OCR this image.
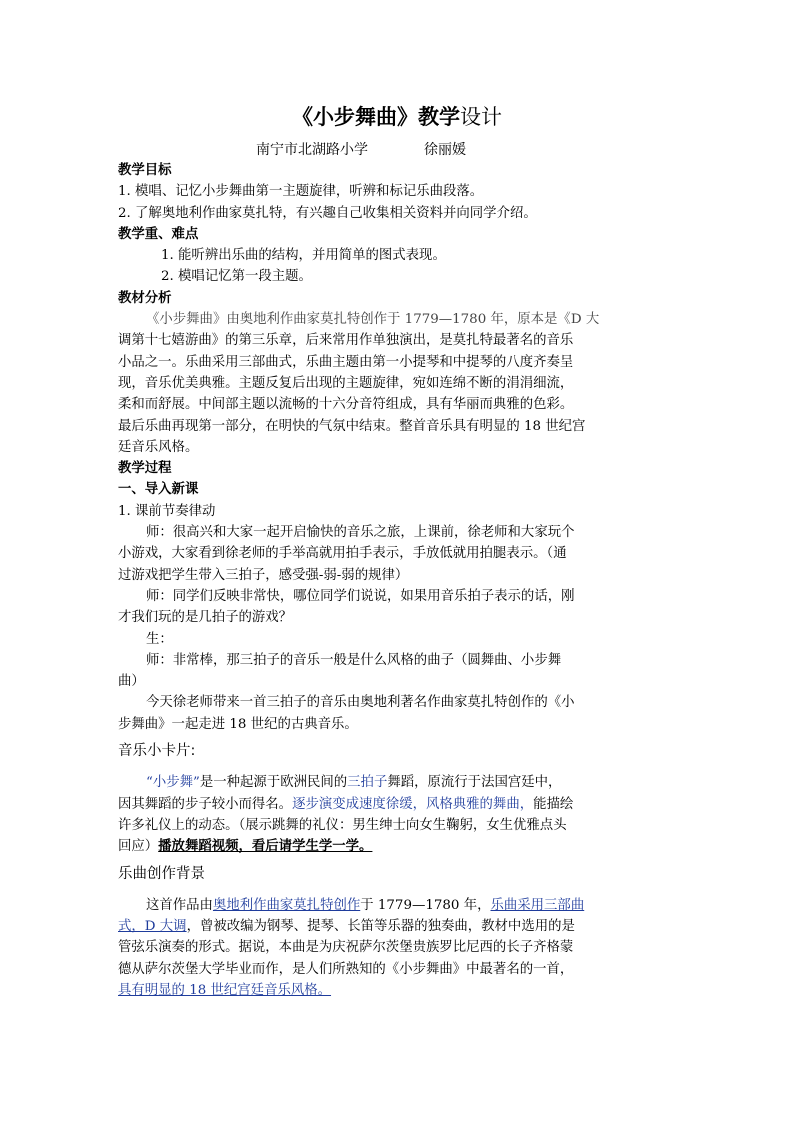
《小步舞曲》教学设计
南宁市北湖路小学	徐丽媛
教学目标
1. 模唱、记忆小步舞曲第一主题旋律，听辨和标记乐曲段落。
2. 了解奥地利作曲家莫扎特，有兴趣自己收集相关资料并向同学介绍。
教学重、难点
1. 能听辨出乐曲的结构，并用简单的图式表现。
2. 模唱记忆第一段主题。
教材分析
《小步舞曲》由奥地利作曲家莫扎特创作于 1779—1780 年，原本是《D 大
调第十七嬉游曲》的第三乐章，后来常用作单独演出，是莫扎特最著名的音乐
小品之一。乐曲采用三部曲式，乐曲主题由第一小提琴和中提琴的八度齐奏呈
现，音乐优美典雅。主题反复后出现的主题旋律，宛如连绵不断的涓涓细流，
柔和而舒展。中间部主题以流畅的十六分音符组成，具有华丽而典雅的色彩。
最后乐曲再现第一部分，在明快的气氛中结束。整首音乐具有明显的 18 世纪宫
廷音乐风格。
教学过程
一、导入新课
1. 课前节奏律动
师：很高兴和大家一起开启愉快的音乐之旅，上课前，徐老师和大家玩个
小游戏，大家看到徐老师的手举高就用拍手表示，手放低就用拍腿表示。（通
过游戏把学生带入三拍子，感受强-弱-弱的规律）
师：同学们反映非常快，哪位同学们说说，如果用音乐拍子表示的话，刚
才我们玩的是几拍子的游戏？
生：
师：非常棒，那三拍子的音乐一般是什么风格的曲子（圆舞曲、小步舞
曲）
今天徐老师带来一首三拍子的音乐由奥地利著名作曲家莫扎特创作的《小
步舞曲》一起走进 18 世纪的古典音乐。
音乐小卡片:
“小步舞”是一种起源于欧洲民间的三拍子舞蹈，原流行于法国宫廷中，
因其舞蹈的步子较小而得名。逐步演变成速度徐缓，风格典雅的舞曲，能描绘
许多礼仪上的动态。（展示跳舞的礼仪：男生绅士向女生鞠躬，女生优雅点头
回应）播放舞蹈视频，看后请学生学一学。
乐曲创作背景
这首作品由奥地利作曲家莫扎特创作于 1779—1780 年，乐曲采用三部曲
式，D 大调，曾被改编为钢琴、提琴、长笛等乐器的独奏曲，教材中选用的是
管弦乐演奏的形式。据说，本曲是为庆祝萨尔茨堡贵族罗比尼西的长子齐格蒙
德从萨尔茨堡大学毕业而作，是人们所熟知的《小步舞曲》中最著名的一首，
具有明显的 18 世纪宫廷音乐风格。
